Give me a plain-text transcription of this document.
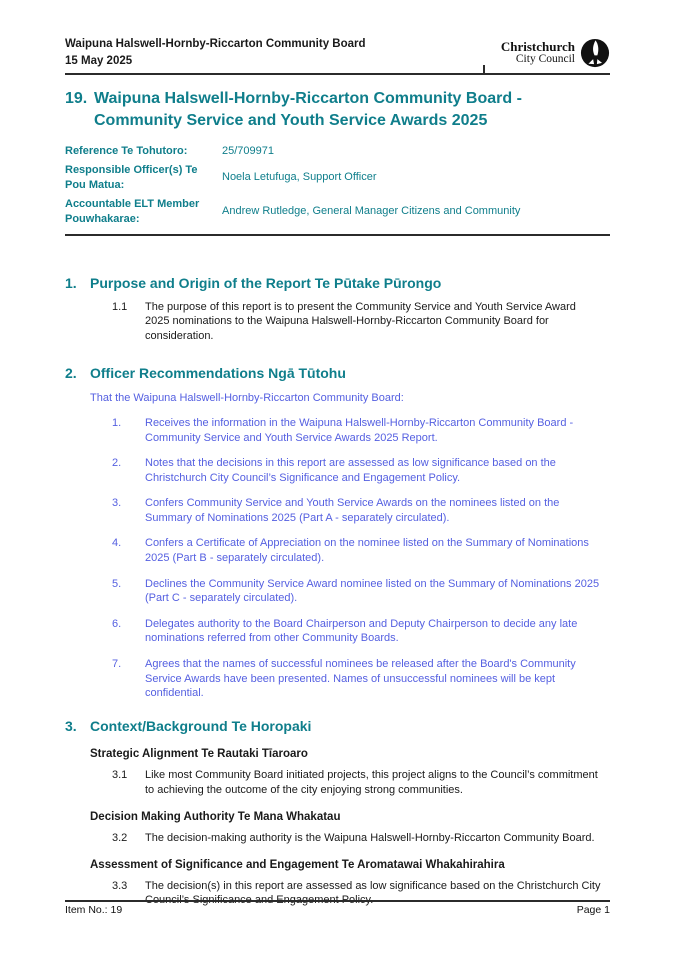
Waipuna Halswell-Hornby-Riccarton Community Board
15 May 2025
Christchurch
City Council
19. Waipuna Halswell-Hornby-Riccarton Community Board -
Community Service and Youth Service Awards 2025
Reference Te Tohutoro:	25/709971
Responsible Officer(s) Te Pou Matua:
Noela Letufuga, Support Officer
Accountable ELT Member Pouwhakarae:
Andrew Rutledge, General Manager Citizens and Community
1. Purpose and Origin of the Report Te Pūtake Pūrongo
1.1	The purpose of this report is to present the Community Service and Youth Service Award 2025 nominations to the Waipuna Halswell-Hornby-Riccarton Community Board for consideration.
2. Officer Recommendations Ngā Tūtohu
That the Waipuna Halswell-Hornby-Riccarton Community Board:
1.	Receives the information in the Waipuna Halswell-Hornby-Riccarton Community Board - Community Service and Youth Service Awards 2025 Report.
2.	Notes that the decisions in this report are assessed as low significance based on the Christchurch City Council’s Significance and Engagement Policy.
3.	Confers Community Service and Youth Service Awards on the nominees listed on the Summary of Nominations 2025 (Part A - separately circulated).
4.	Confers a Certificate of Appreciation on the nominee listed on the Summary of Nominations 2025 (Part B - separately circulated).
5.	Declines the Community Service Award nominee listed on the Summary of Nominations 2025 (Part C - separately circulated).
6.	Delegates authority to the Board Chairperson and Deputy Chairperson to decide any late nominations referred from other Community Boards.
7.	Agrees that the names of successful nominees be released after the Board's Community Service Awards have been presented. Names of unsuccessful nominees will be kept confidential.
3. Context/Background Te Horopaki
Strategic Alignment Te Rautaki Tīaroaro
3.1	Like most Community Board initiated projects, this project aligns to the Council’s commitment to achieving the outcome of the city enjoying strong communities.
Decision Making Authority Te Mana Whakatau
3.2	The decision-making authority is the Waipuna Halswell-Hornby-Riccarton Community Board.
Assessment of Significance and Engagement Te Aromatawai Whakahirahira
3.3	The decision(s) in this report are assessed as low significance based on the Christchurch City Council’s Significance and Engagement Policy.
Item No.: 19	Page 1
